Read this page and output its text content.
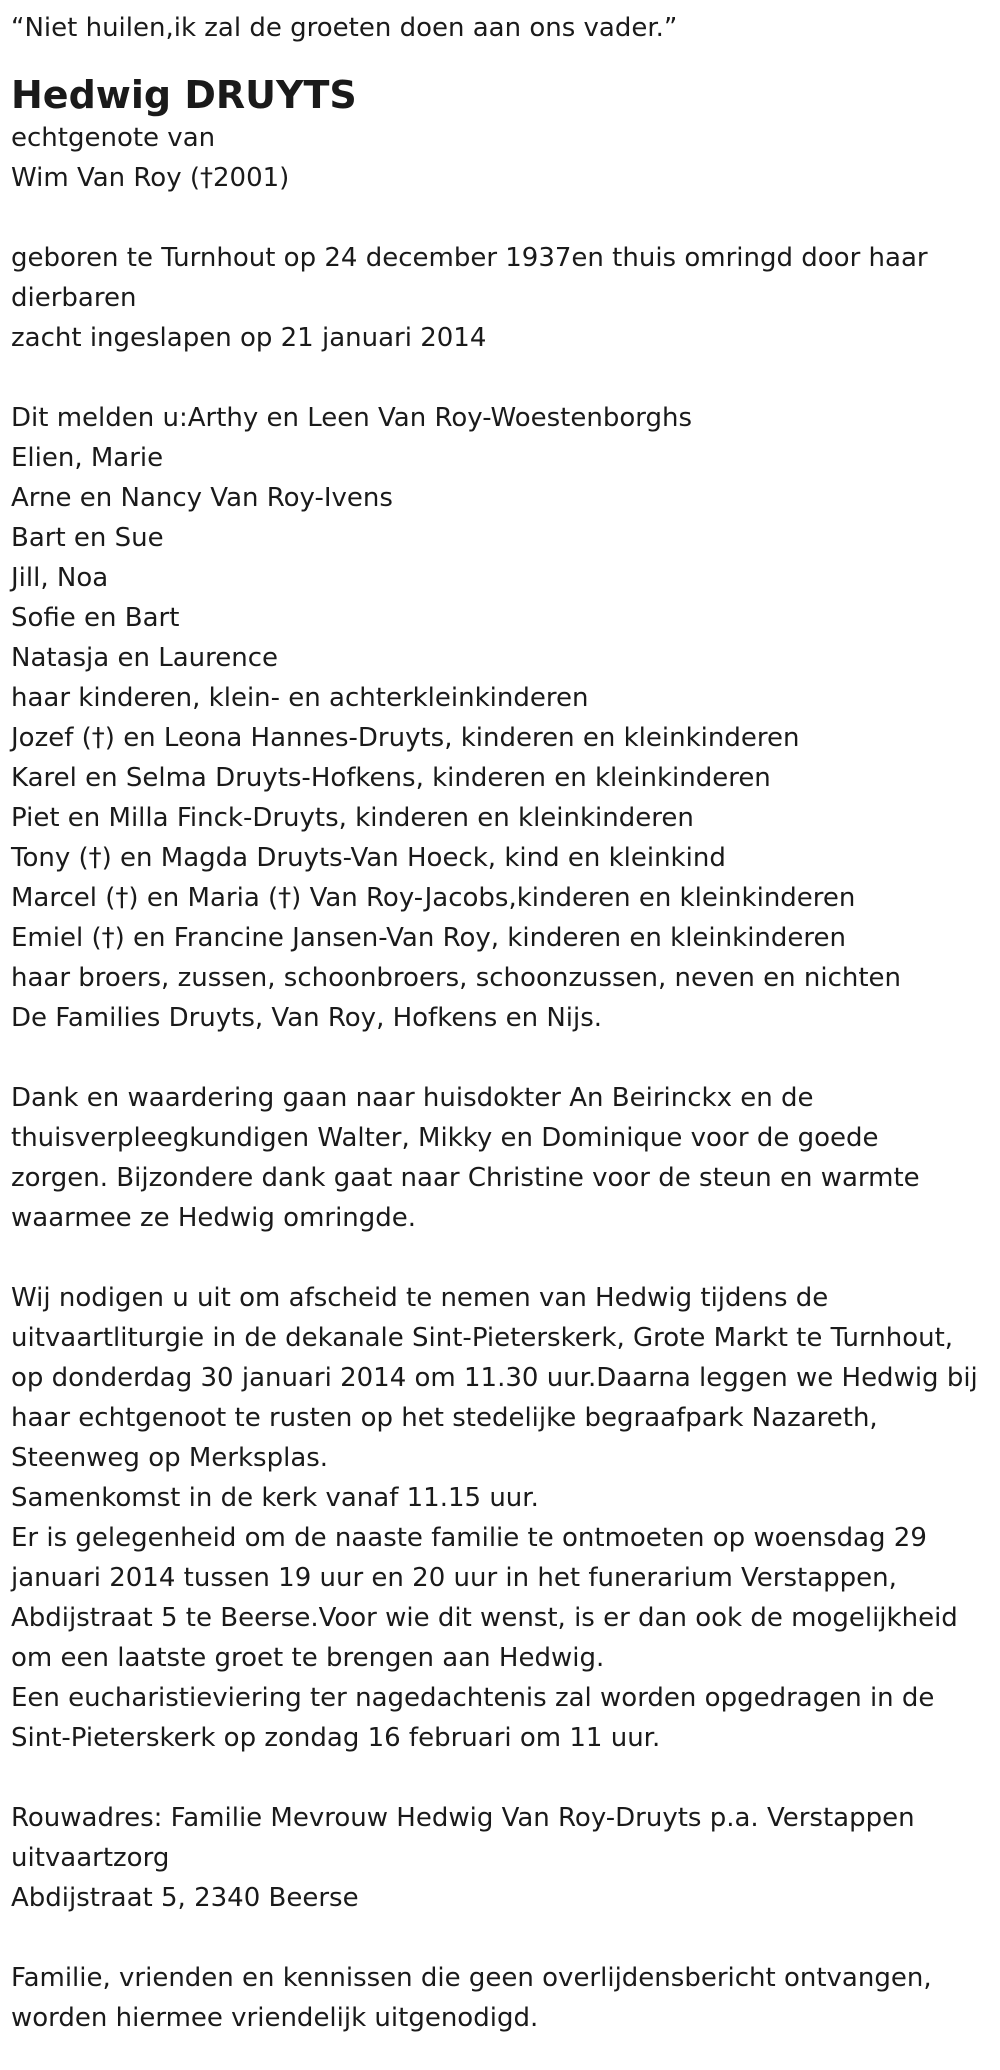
“Niet huilen,ik zal de groeten doen aan ons vader.”
Hedwig DRUYTS
echtgenote van
Wim Van Roy (†2001)
geboren te Turnhout op 24 december 1937en thuis omringd door haar
dierbaren
zacht ingeslapen op 21 januari 2014
Dit melden u:Arthy en Leen Van Roy-Woestenborghs
Elien, Marie
Arne en Nancy Van Roy-Ivens
Bart en Sue
Jill, Noa
Sofie en Bart
Natasja en Laurence
haar kinderen, klein- en achterkleinkinderen
Jozef (†) en Leona Hannes-Druyts, kinderen en kleinkinderen
Karel en Selma Druyts-Hofkens, kinderen en kleinkinderen
Piet en Milla Finck-Druyts, kinderen en kleinkinderen
Tony (†) en Magda Druyts-Van Hoeck, kind en kleinkind
Marcel (†) en Maria (†) Van Roy-Jacobs,kinderen en kleinkinderen
Emiel (†) en Francine Jansen-Van Roy, kinderen en kleinkinderen
haar broers, zussen, schoonbroers, schoonzussen, neven en nichten
De Families Druyts, Van Roy, Hofkens en Nijs.
Dank en waardering gaan naar huisdokter An Beirinckx en de
thuisverpleegkundigen Walter, Mikky en Dominique voor de goede
zorgen. Bijzondere dank gaat naar Christine voor de steun en warmte
waarmee ze Hedwig omringde.
Wij nodigen u uit om afscheid te nemen van Hedwig tijdens de
uitvaartliturgie in de dekanale Sint-Pieterskerk, Grote Markt te Turnhout,
op donderdag 30 januari 2014 om 11.30 uur.Daarna leggen we Hedwig bij
haar echtgenoot te rusten op het stedelijke begraafpark Nazareth,
Steenweg op Merksplas.
Samenkomst in de kerk vanaf 11.15 uur.
Er is gelegenheid om de naaste familie te ontmoeten op woensdag 29
januari 2014 tussen 19 uur en 20 uur in het funerarium Verstappen,
Abdijstraat 5 te Beerse.Voor wie dit wenst, is er dan ook de mogelijkheid
om een laatste groet te brengen aan Hedwig.
Een eucharistieviering ter nagedachtenis zal worden opgedragen in de
Sint-Pieterskerk op zondag 16 februari om 11 uur.
Rouwadres: Familie Mevrouw Hedwig Van Roy-Druyts p.a. Verstappen
uitvaartzorg
Abdijstraat 5, 2340 Beerse
Familie, vrienden en kennissen die geen overlijdensbericht ontvangen,
worden hiermee vriendelijk uitgenodigd.
